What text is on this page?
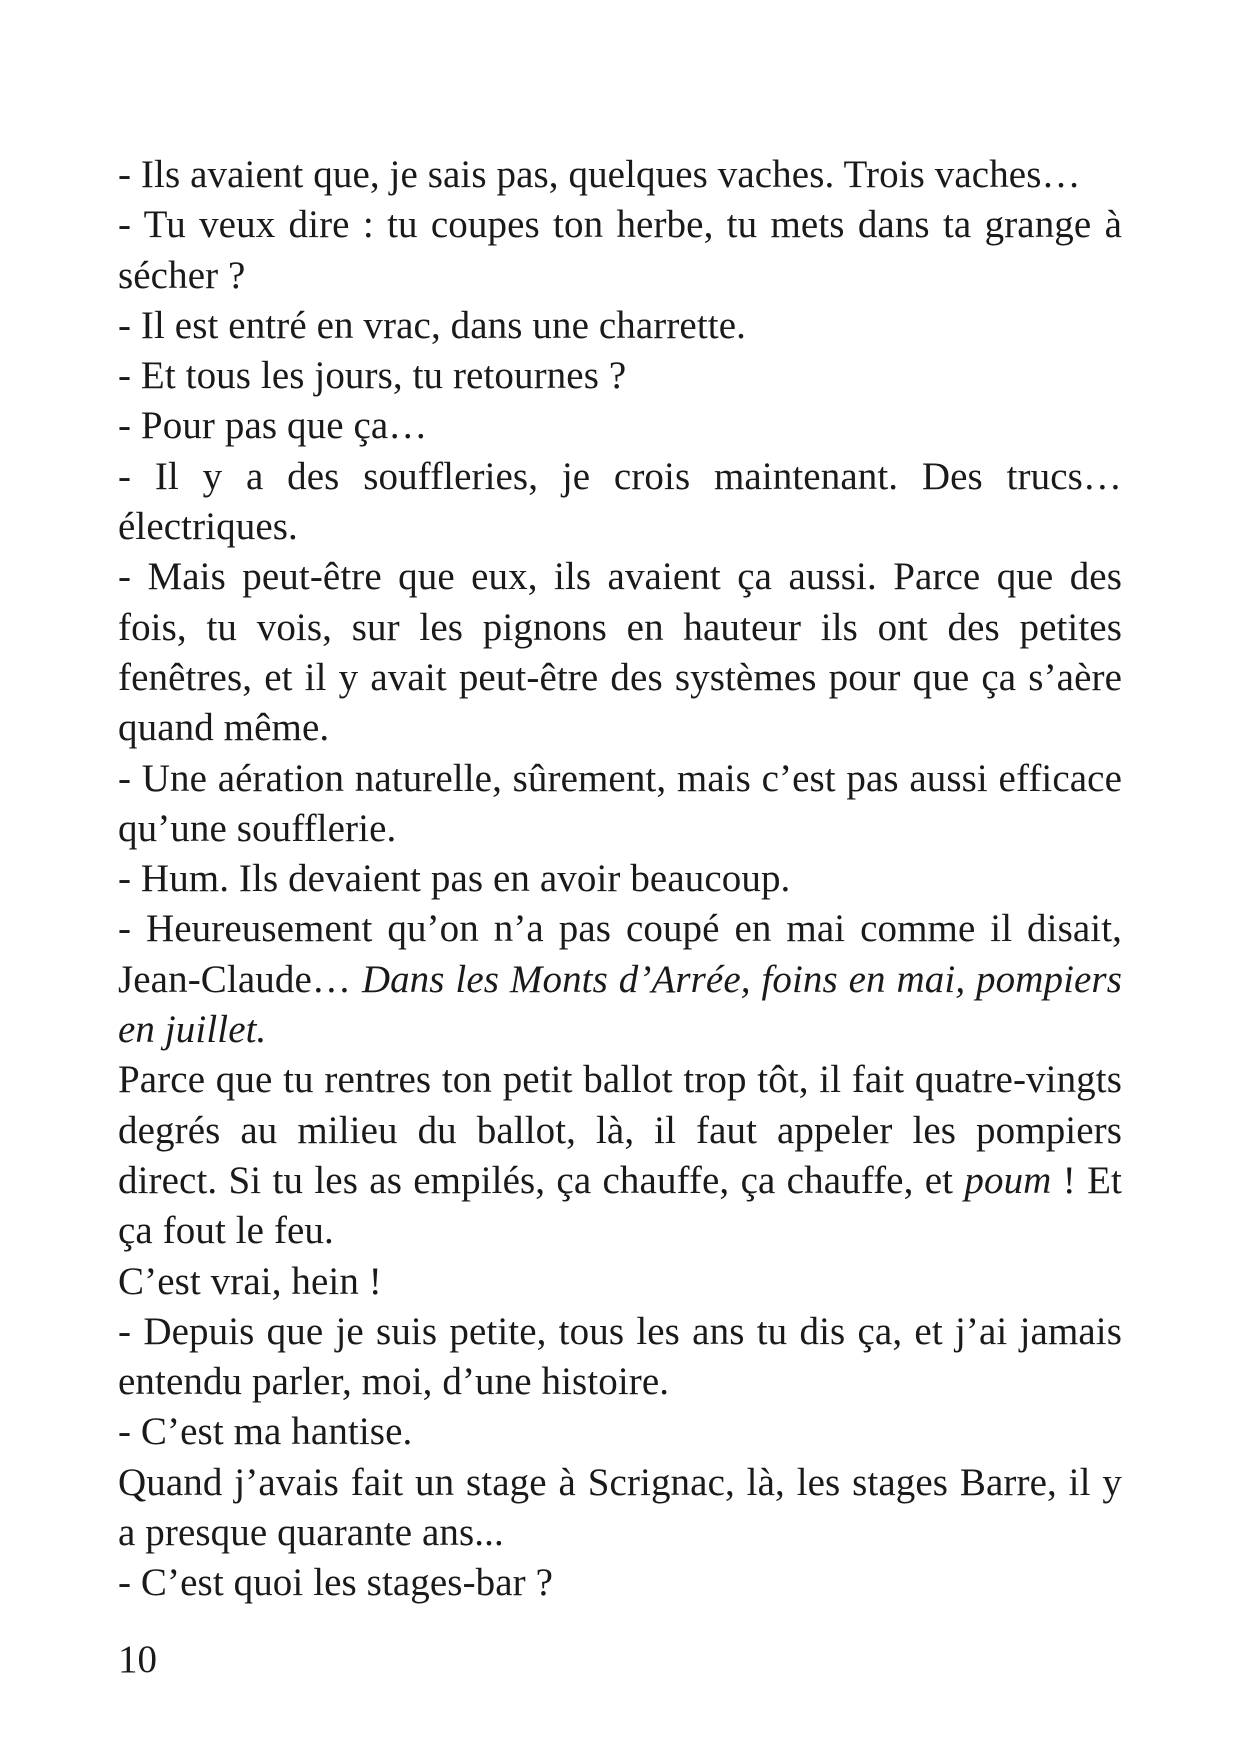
- Ils avaient que, je sais pas, quelques vaches. Trois vaches…

- Tu veux dire : tu coupes ton herbe, tu mets dans ta grange à sécher ?

- Il est entré en vrac, dans une charrette.

- Et tous les jours, tu retournes ?

- Pour pas que ça…

- Il y a des souffleries, je crois maintenant. Des trucs… électriques.

- Mais peut-être que eux, ils avaient ça aussi. Parce que des fois, tu vois, sur les pignons en hauteur ils ont des petites fenêtres, et il y avait peut-être des systèmes pour que ça s’aère quand même.

- Une aération naturelle, sûrement, mais c’est pas aussi efficace qu’une soufflerie.

- Hum. Ils devaient pas en avoir beaucoup.

- Heureusement qu’on n’a pas coupé en mai comme il disait, Jean-Claude… Dans les Monts d’Arrée, foins en mai, pompiers en juillet.

Parce que tu rentres ton petit ballot trop tôt, il fait quatre-vingts degrés au milieu du ballot, là, il faut appeler les pompiers direct. Si tu les as empilés, ça chauffe, ça chauffe, et poum ! Et ça fout le feu.

C’est vrai, hein !

- Depuis que je suis petite, tous les ans tu dis ça, et j’ai jamais entendu parler, moi, d’une histoire.

- C’est ma hantise.

Quand j’avais fait un stage à Scrignac, là, les stages Barre, il y a presque quarante ans...

- C’est quoi les stages-bar ?

10
